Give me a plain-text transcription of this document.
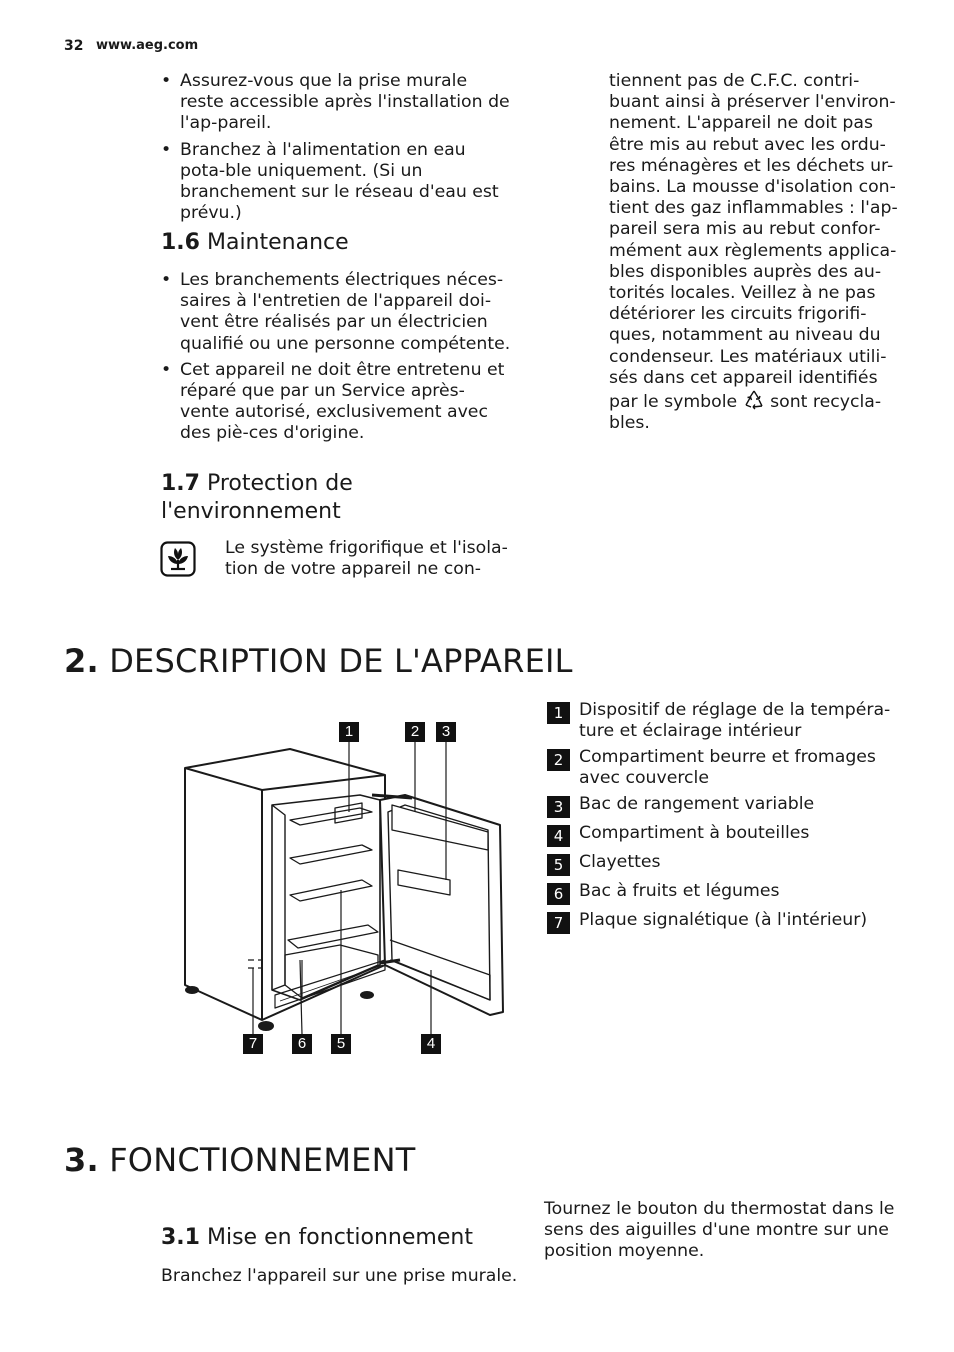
32 www.aeg.com
• Assurez-vous que la prise murale reste accessible après l'installation de l'ap-pareil.
• Branchez à l'alimentation en eau pota-ble uniquement. (Si un branchement sur le réseau d'eau est prévu.)
1.6 Maintenance
• Les branchements électriques néces-saires à l'entretien de l'appareil doi-vent être réalisés par un électricien qualifié ou une personne compétente.
• Cet appareil ne doit être entretenu et réparé que par un Service après-vente autorisé, exclusivement avec des piè-ces d'origine.
1.7 Protection de
l'environnement
Le système frigorifique et l'isola-tion de votre appareil ne con-
tiennent pas de C.F.C. contri-buant ainsi à préserver l'environ-nement. L'appareil ne doit pas être mis au rebut avec les ordu-res ménagères et les déchets ur-bains. La mousse d'isolation con-tient des gaz inflammables : l'ap-pareil sera mis au rebut confor-mément aux règlements applica-bles disponibles auprès des au-torités locales. Veillez à ne pas détériorer les circuits frigorifi-ques, notamment au niveau du condenseur. Les matériaux utili-sés dans cet appareil identifiés par le symbole sont recycla-bles.
2. DESCRIPTION DE L'APPAREIL
1	2	3
7	6	5	4
1 Dispositif de réglage de la tempéra-ture et éclairage intérieur
2 Compartiment beurre et fromages avec couvercle
3 Bac de rangement variable
4 Compartiment à bouteilles
5 Clayettes
6 Bac à fruits et légumes
7 Plaque signalétique (à l'intérieur)
3. FONCTIONNEMENT
3.1 Mise en fonctionnement
Branchez l'appareil sur une prise murale.
Tournez le bouton du thermostat dans le sens des aiguilles d'une montre sur une position moyenne.
